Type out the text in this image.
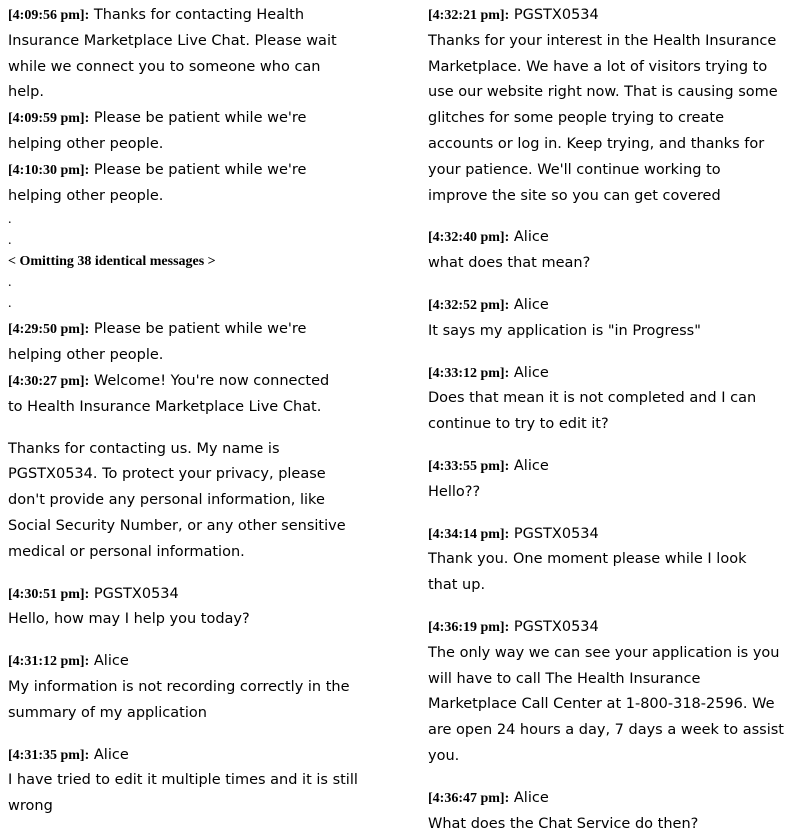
[4:09:56 pm]: Thanks for contacting Health
Insurance Marketplace Live Chat. Please wait
while we connect you to someone who can
help.
[4:09:59 pm]: Please be patient while we're
helping other people.
[4:10:30 pm]: Please be patient while we're
helping other people.
.
.
< Omitting 38 identical messages >
.
.
[4:29:50 pm]: Please be patient while we're
helping other people.
[4:30:27 pm]: Welcome! You're now connected
to Health Insurance Marketplace Live Chat.
Thanks for contacting us. My name is
PGSTX0534. To protect your privacy, please
don't provide any personal information, like
Social Security Number, or any other sensitive
medical or personal information.
[4:30:51 pm]: PGSTX0534
Hello, how may I help you today?
[4:31:12 pm]: Alice
My information is not recording correctly in the
summary of my application
[4:31:35 pm]: Alice
I have tried to edit it multiple times and it is still
wrong
[4:32:21 pm]: PGSTX0534
Thanks for your interest in the Health Insurance
Marketplace. We have a lot of visitors trying to
use our website right now. That is causing some
glitches for some people trying to create
accounts or log in. Keep trying, and thanks for
your patience. We'll continue working to
improve the site so you can get covered
[4:32:40 pm]: Alice
what does that mean?
[4:32:52 pm]: Alice
It says my application is "in Progress"
[4:33:12 pm]: Alice
Does that mean it is not completed and I can
continue to try to edit it?
[4:33:55 pm]: Alice
Hello??
[4:34:14 pm]: PGSTX0534
Thank you. One moment please while I look
that up.
[4:36:19 pm]: PGSTX0534
The only way we can see your application is you
will have to call The Health Insurance
Marketplace Call Center at 1-800-318-2596. We
are open 24 hours a day, 7 days a week to assist
you.
[4:36:47 pm]: Alice
What does the Chat Service do then?
